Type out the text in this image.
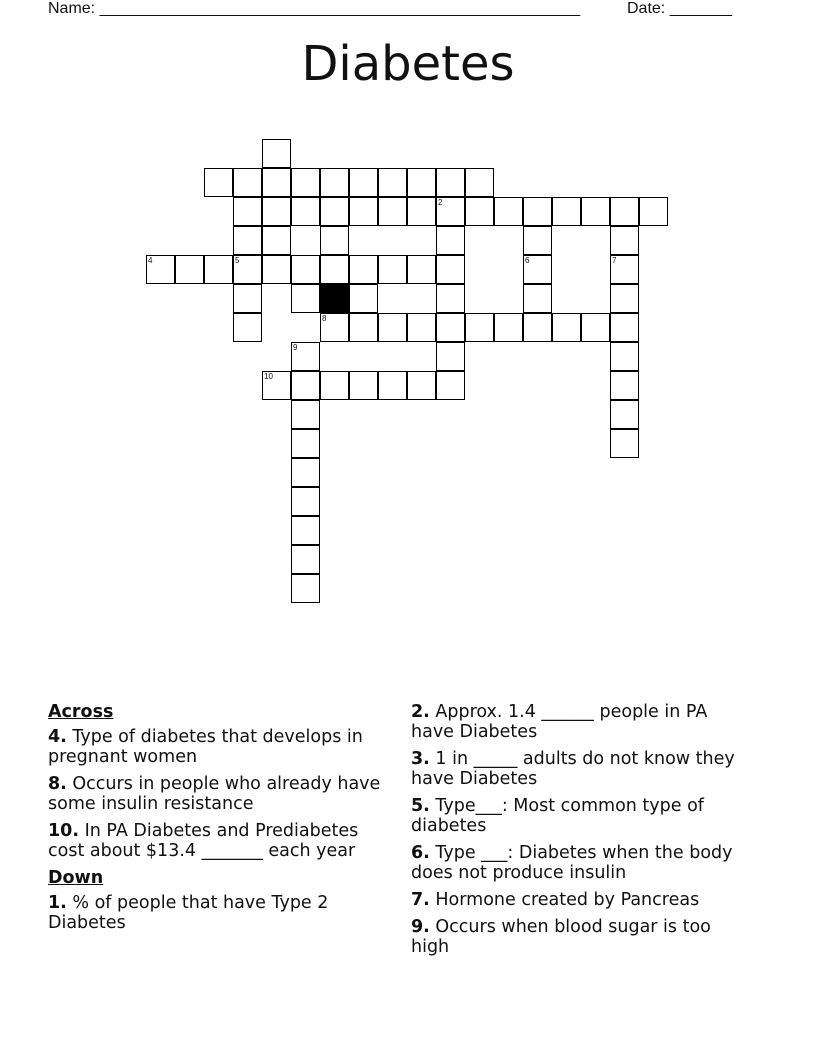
Name: ______________________________________________________	Date: _______
Diabetes
2
4	5	6	7
8
9
10
Across
4. Type of diabetes that develops in pregnant women
8. Occurs in people who already have some insulin resistance
10. In PA Diabetes and Prediabetes cost about $13.4 _______ each year
Down
1. % of people that have Type 2 Diabetes
2. Approx. 1.4 ______ people in PA have Diabetes
3. 1 in _____ adults do not know they have Diabetes
5. Type___: Most common type of diabetes
6. Type ___: Diabetes when the body does not produce insulin
7. Hormone created by Pancreas
9. Occurs when blood sugar is too high
